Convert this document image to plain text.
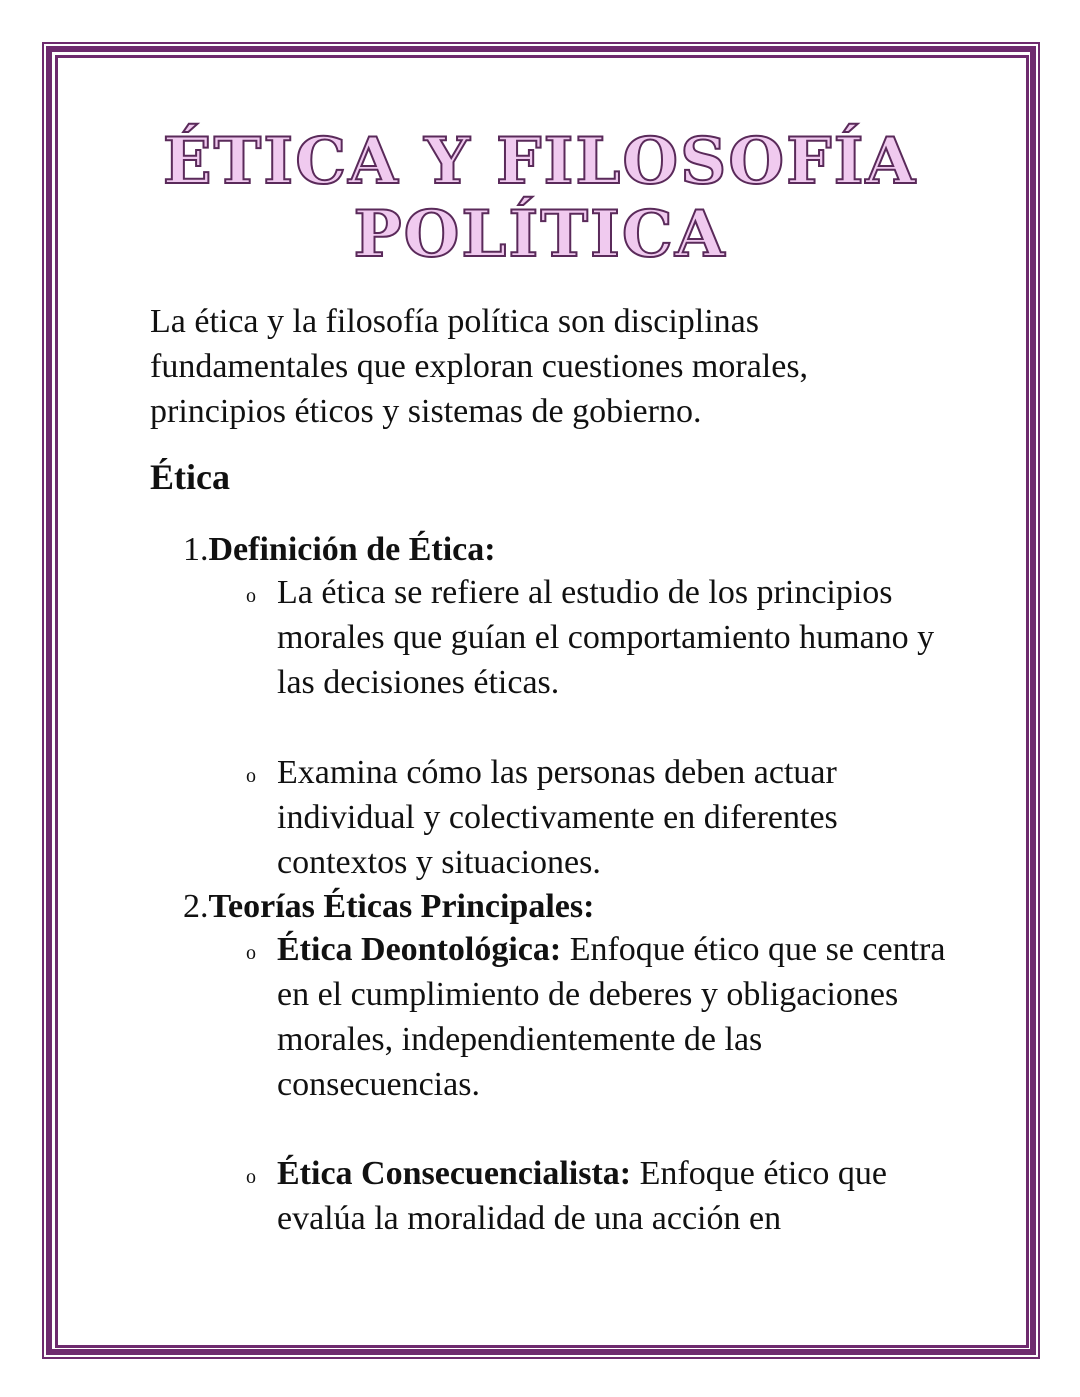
ÉTICA Y FILOSOFÍA
POLÍTICA
La ética y la filosofía política son disciplinas fundamentales que exploran cuestiones morales, principios éticos y sistemas de gobierno.
Ética
1.Definición de Ética:
o La ética se refiere al estudio de los principios morales que guían el comportamiento humano y las decisiones éticas.
o Examina cómo las personas deben actuar individual y colectivamente en diferentes contextos y situaciones.
2.Teorías Éticas Principales:
o Ética Deontológica: Enfoque ético que se centra en el cumplimiento de deberes y obligaciones morales, independientemente de las consecuencias.
o Ética Consecuencialista: Enfoque ético que evalúa la moralidad de una acción en
